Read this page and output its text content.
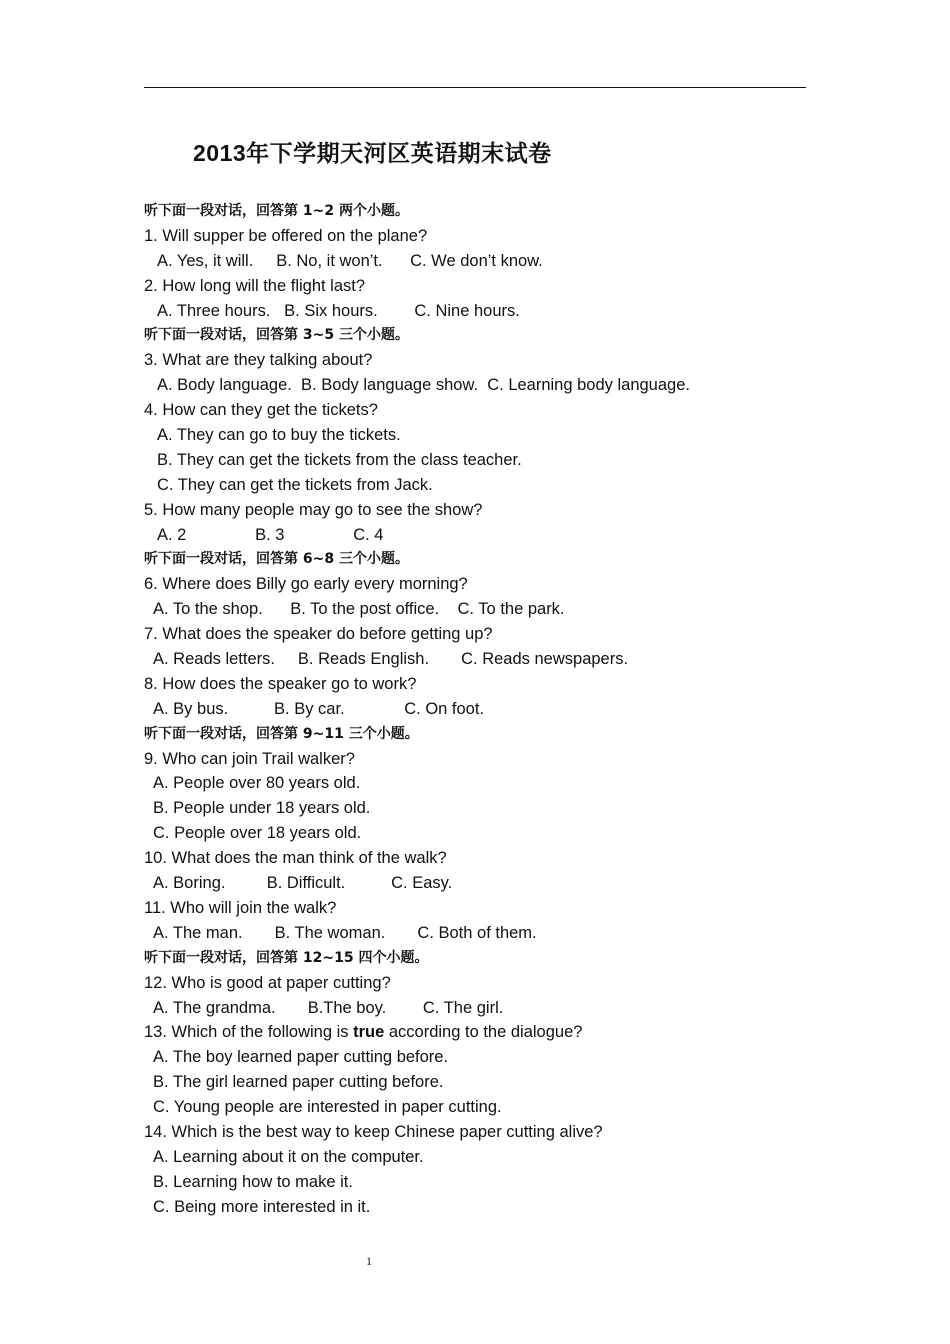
2013年下学期天河区英语期末试卷
听下面一段对话，回答第 1~2 两个小题。
1. Will supper be offered on the plane?
A. Yes, it will.     B. No, it won’t.      C. We don’t know.
2. How long will the flight last?
A. Three hours.   B. Six hours.        C. Nine hours.
听下面一段对话，回答第 3~5 三个小题。
3. What are they talking about?
A. Body language.  B. Body language show.  C. Learning body language.
4. How can they get the tickets?
A. They can go to buy the tickets.
B. They can get the tickets from the class teacher.
C. They can get the tickets from Jack.
5. How many people may go to see the show?
A. 2               B. 3               C. 4
听下面一段对话，回答第 6~8 三个小题。
6. Where does Billy go early every morning?
A. To the shop.      B. To the post office.    C. To the park.
7. What does the speaker do before getting up?
A. Reads letters.     B. Reads English.       C. Reads newspapers.
8. How does the speaker go to work?
A. By bus.          B. By car.             C. On foot.
听下面一段对话，回答第 9~11 三个小题。
9. Who can join Trail walker?
A. People over 80 years old.
B. People under 18 years old.
C. People over 18 years old.
10. What does the man think of the walk?
A. Boring.         B. Difficult.          C. Easy.
11. Who will join the walk?
A. The man.       B. The woman.       C. Both of them.
听下面一段对话，回答第 12~15 四个小题。
12. Who is good at paper cutting?
A. The grandma.       B.The boy.        C. The girl.
13. Which of the following is true according to the dialogue?
A. The boy learned paper cutting before.
B. The girl learned paper cutting before.
C. Young people are interested in paper cutting.
14. Which is the best way to keep Chinese paper cutting alive?
A. Learning about it on the computer.
B. Learning how to make it.
C. Being more interested in it.
1
